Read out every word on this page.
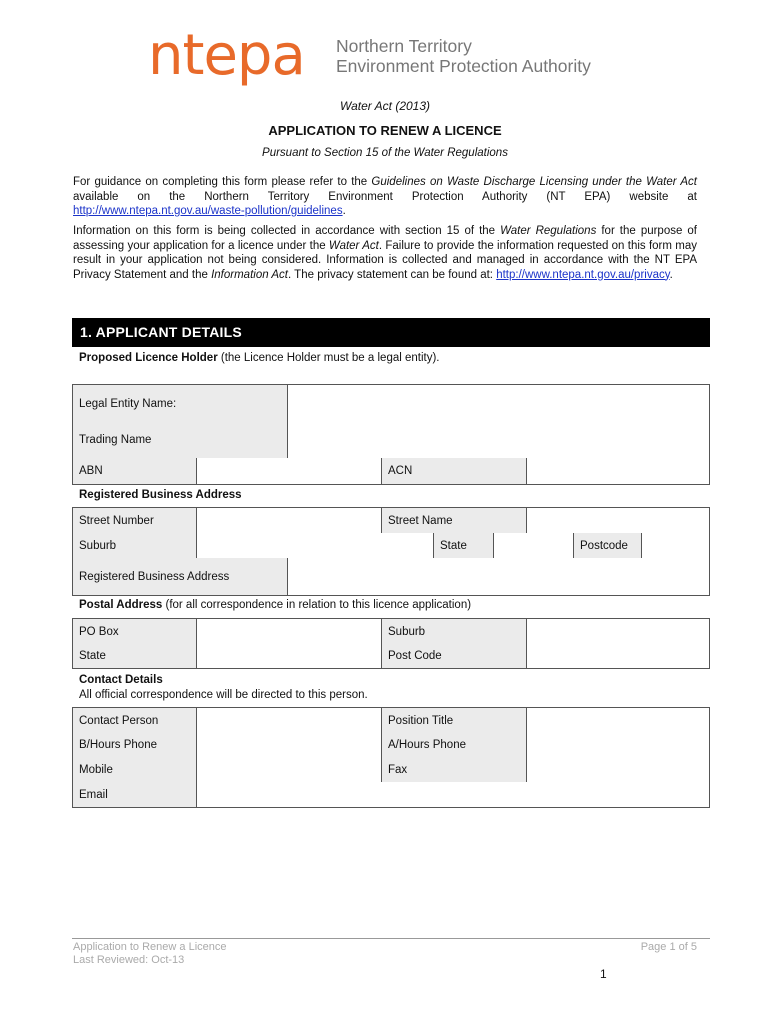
ntepa Northern Territory
Environment Protection Authority
Water Act (2013)
APPLICATION TO RENEW A LICENCE
Pursuant to Section 15 of the Water Regulations
For guidance on completing this form please refer to the Guidelines on Waste Discharge Licensing under the Water Act available on the Northern Territory Environment Protection Authority (NT EPA) website at http://www.ntepa.nt.gov.au/waste-pollution/guidelines.
Information on this form is being collected in accordance with section 15 of the Water Regulations for the purpose of assessing your application for a licence under the Water Act. Failure to provide the information requested on this form may result in your application not being considered. Information is collected and managed in accordance with the NT EPA Privacy Statement and the Information Act. The privacy statement can be found at: http://www.ntepa.nt.gov.au/privacy.
1. APPLICANT DETAILS
Proposed Licence Holder (the Licence Holder must be a legal entity).
Legal Entity Name:
Trading Name
ABN	ACN
Registered Business Address
Street Number	Street Name
Suburb	State	Postcode
Registered Business Address
Postal Address (for all correspondence in relation to this licence application)
PO Box	Suburb
State	Post Code
Contact Details
All official correspondence will be directed to this person.
Contact Person	Position Title
B/Hours Phone	A/Hours Phone
Mobile	Fax
Email
Application to Renew a Licence
Last Reviewed: Oct-13
Page 1 of 5
1
